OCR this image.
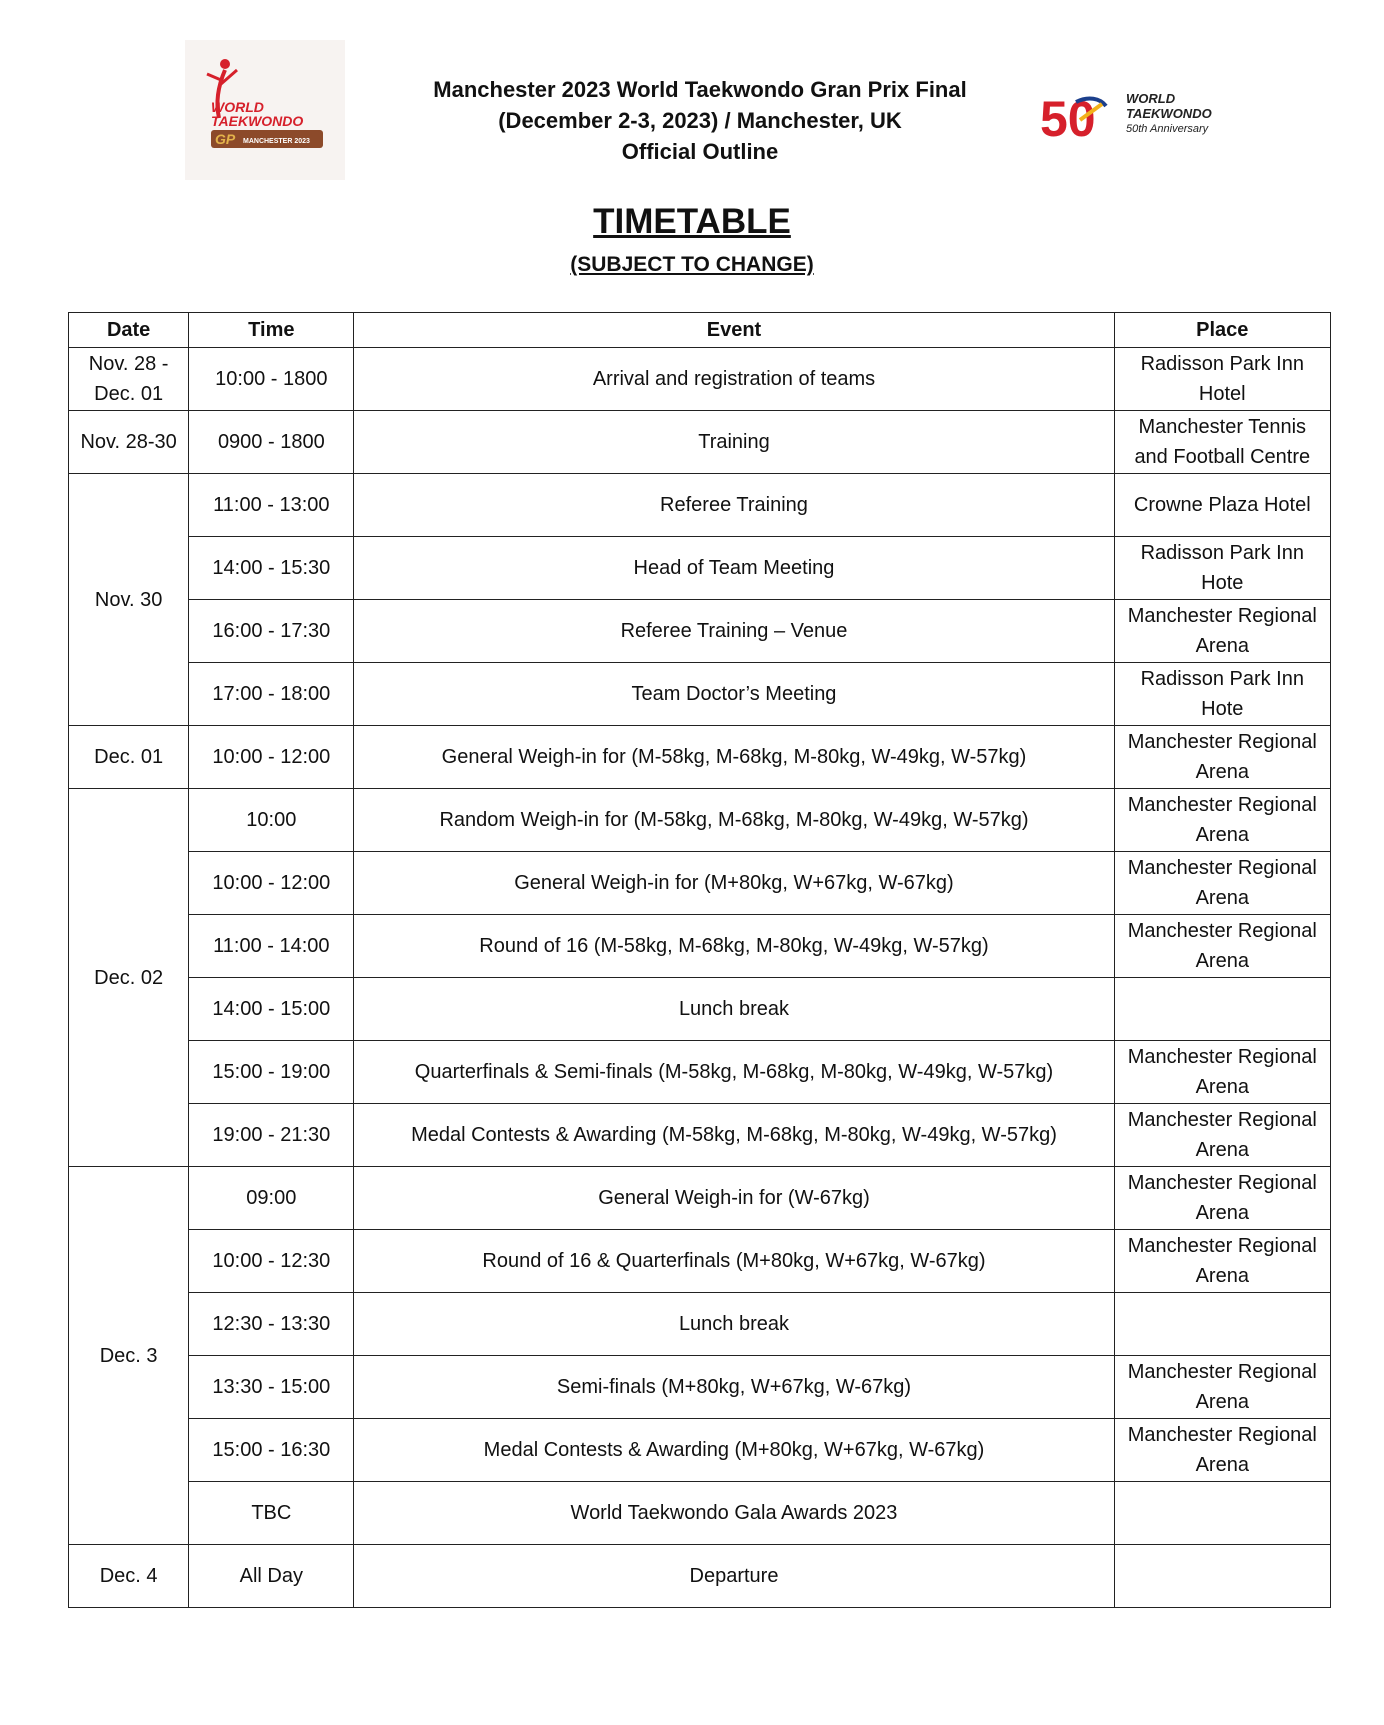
WORLD
TAEKWONDO
GP MANCHESTER 2023
Manchester 2023 World Taekwondo Gran Prix Final
(December 2-3, 2023) / Manchester, UK
Official Outline
50 WORLD
TAEKWONDO
50th Anniversary
TIMETABLE
(SUBJECT TO CHANGE)
Date	Time	Event	Place
Nov. 28 -
Dec. 01	10:00 - 1800	Arrival and registration of teams	Radisson Park Inn Hotel
Nov. 28-30	0900 - 1800	Training	Manchester Tennis and Football Centre
Nov. 30	11:00 - 13:00	Referee Training	Crowne Plaza Hotel
	14:00 - 15:30	Head of Team Meeting	Radisson Park Inn Hote
	16:00 - 17:30	Referee Training – Venue	Manchester Regional Arena
	17:00 - 18:00	Team Doctor’s Meeting	Radisson Park Inn Hote
Dec. 01	10:00 - 12:00	General Weigh-in for (M-58kg, M-68kg, M-80kg, W-49kg, W-57kg)	Manchester Regional Arena
Dec. 02	10:00	Random Weigh-in for (M-58kg, M-68kg, M-80kg, W-49kg, W-57kg)	Manchester Regional Arena
	10:00 - 12:00	General Weigh-in for (M+80kg, W+67kg, W-67kg)	Manchester Regional Arena
	11:00 - 14:00	Round of 16 (M-58kg, M-68kg, M-80kg, W-49kg, W-57kg)	Manchester Regional Arena
	14:00 - 15:00	Lunch break	
	15:00 - 19:00	Quarterfinals & Semi-finals (M-58kg, M-68kg, M-80kg, W-49kg, W-57kg)	Manchester Regional Arena
	19:00 - 21:30	Medal Contests & Awarding (M-58kg, M-68kg, M-80kg, W-49kg, W-57kg)	Manchester Regional Arena
Dec. 3	09:00	General Weigh-in for (W-67kg)	Manchester Regional Arena
	10:00 - 12:30	Round of 16 & Quarterfinals (M+80kg, W+67kg, W-67kg)	Manchester Regional Arena
	12:30 - 13:30	Lunch break	
	13:30 - 15:00	Semi-finals (M+80kg, W+67kg, W-67kg)	Manchester Regional Arena
	15:00 - 16:30	Medal Contests & Awarding (M+80kg, W+67kg, W-67kg)	Manchester Regional Arena
	TBC	World Taekwondo Gala Awards 2023	
Dec. 4	All Day	Departure	
